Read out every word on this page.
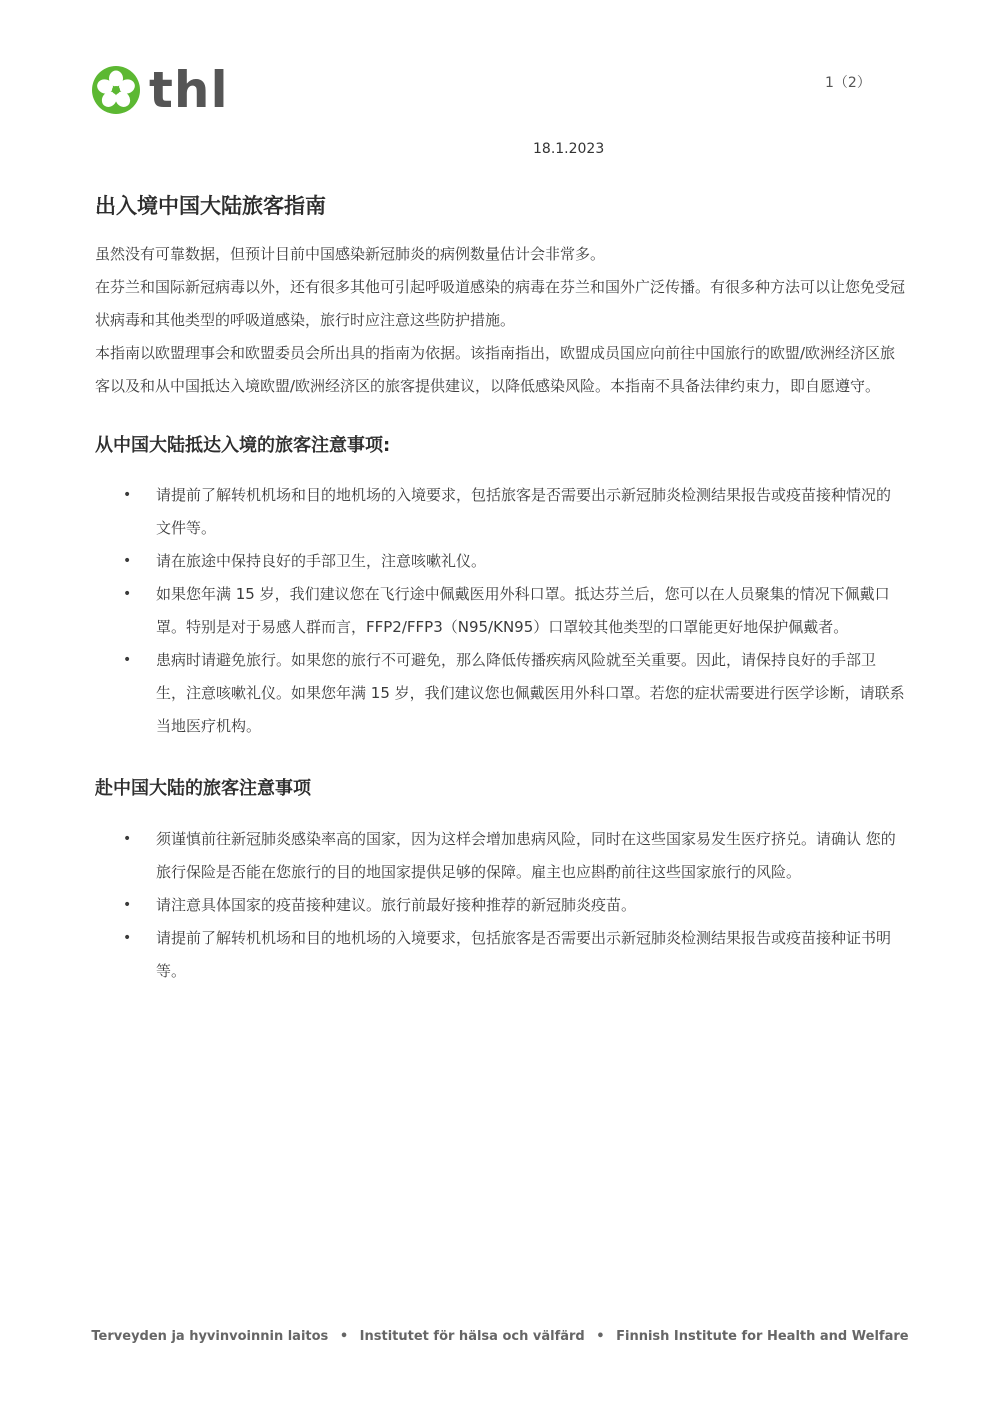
thl	1（2）
18.1.2023
出入境中国大陆旅客指南

虽然没有可靠数据，但预计目前中国感染新冠肺炎的病例数量估计会非常多。

在芬兰和国际新冠病毒以外，还有很多其他可引起呼吸道感染的病毒在芬兰和国外广泛传播。有很多种方法可以让您免受冠状病毒和其他类型的呼吸道感染，旅行时应注意这些防护措施。

本指南以欧盟理事会和欧盟委员会所出具的指南为依据。该指南指出，欧盟成员国应向前往中国旅行的欧盟/欧洲经济区旅客以及和从中国抵达入境欧盟/欧洲经济区的旅客提供建议，以降低感染风险。本指南不具备法律约束力，即自愿遵守。

从中国大陆抵达入境的旅客注意事项:
• 请提前了解转机机场和目的地机场的入境要求，包括旅客是否需要出示新冠肺炎检测结果报告或疫苗接种情况的文件等。
• 请在旅途中保持良好的手部卫生，注意咳嗽礼仪。
• 如果您年满 15 岁，我们建议您在飞行途中佩戴医用外科口罩。抵达芬兰后，您可以在人员聚集的情况下佩戴口罩。特别是对于易感人群而言，FFP2/FFP3（N95/KN95）口罩较其他类型的口罩能更好地保护佩戴者。
• 患病时请避免旅行。如果您的旅行不可避免，那么降低传播疾病风险就至关重要。因此，请保持良好的手部卫生，注意咳嗽礼仪。如果您年满 15 岁，我们建议您也佩戴医用外科口罩。若您的症状需要进行医学诊断，请联系当地医疗机构。
赴中国大陆的旅客注意事项
• 须谨慎前往新冠肺炎感染率高的国家，因为这样会增加患病风险，同时在这些国家易发生医疗挤兑。请确认 您的旅行保险是否能在您旅行的目的地国家提供足够的保障。雇主也应斟酌前往这些国家旅行的风险。
• 请注意具体国家的疫苗接种建议。旅行前最好接种推荐的新冠肺炎疫苗。
• 请提前了解转机机场和目的地机场的入境要求，包括旅客是否需要出示新冠肺炎检测结果报告或疫苗接种证书明等。
Terveyden ja hyvinvoinnin laitos • Institutet för hälsa och välfärd • Finnish Institute for Health and Welfare
